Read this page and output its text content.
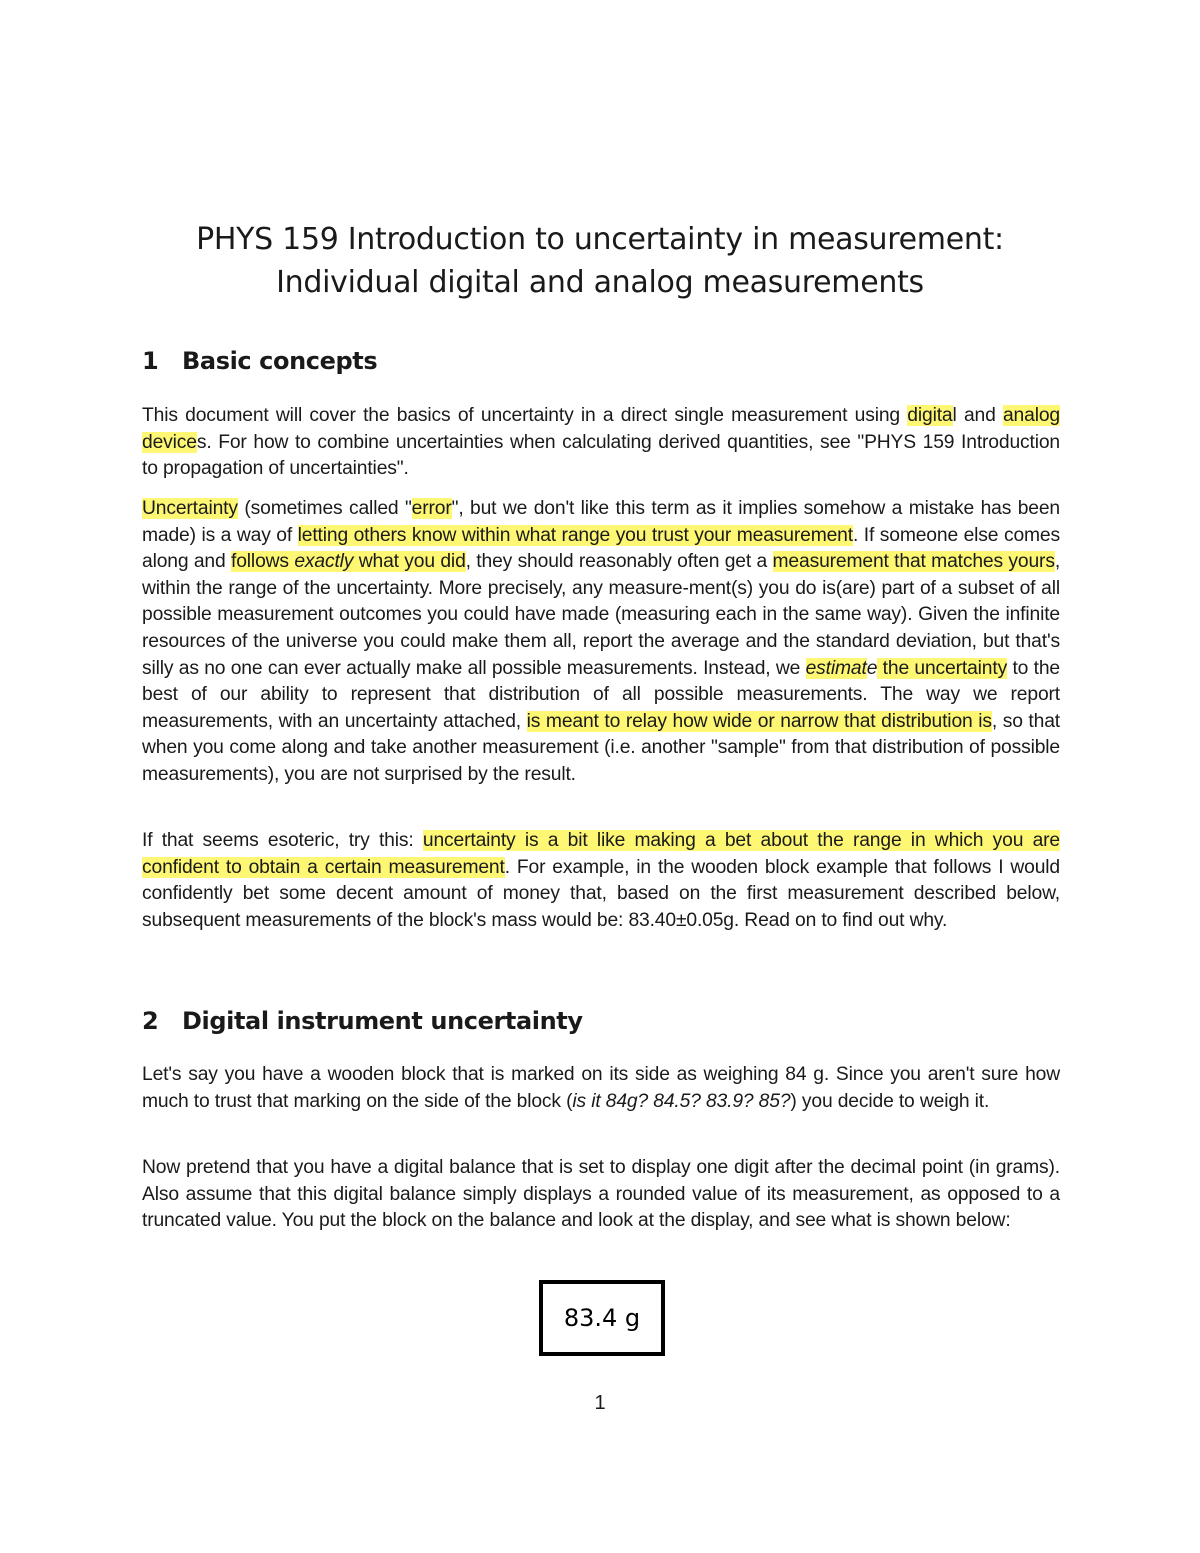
PHYS 159 Introduction to uncertainty in measurement:
Individual digital and analog measurements
1 Basic concepts

This document will cover the basics of uncertainty in a direct single measurement using digital and analog devices. For how to combine uncertainties when calculating derived quantities, see "PHYS 159 Introduction to propagation of uncertainties".

Uncertainty (sometimes called "error", but we don't like this term as it implies somehow a mistake has been made) is a way of letting others know within what range you trust your measurement. If someone else comes along and follows exactly what you did, they should reasonably often get a measurement that matches yours, within the range of the uncertainty. More precisely, any measure-ment(s) you do is(are) part of a subset of all possible measurement outcomes you could have made (measuring each in the same way). Given the infinite resources of the universe you could make them all, report the average and the standard deviation, but that's silly as no one can ever actually make all possible measurements. Instead, we estimate the uncertainty to the best of our ability to represent that distribution of all possible measurements. The way we report measurements, with an uncertainty attached, is meant to relay how wide or narrow that distribution is, so that when you come along and take another measurement (i.e. another "sample" from that distribution of possible measurements), you are not surprised by the result.

If that seems esoteric, try this: uncertainty is a bit like making a bet about the range in which you are confident to obtain a certain measurement. For example, in the wooden block example that follows I would confidently bet some decent amount of money that, based on the first measurement described below, subsequent measurements of the block's mass would be: 83.40±0.05g. Read on to find out why.

2 Digital instrument uncertainty

Let's say you have a wooden block that is marked on its side as weighing 84 g. Since you aren't sure how much to trust that marking on the side of the block (is it 84g? 84.5? 83.9? 85?) you decide to weigh it.

Now pretend that you have a digital balance that is set to display one digit after the decimal point (in grams). Also assume that this digital balance simply displays a rounded value of its measurement, as opposed to a truncated value. You put the block on the balance and look at the display, and see what is shown below:

83.4 g
1
